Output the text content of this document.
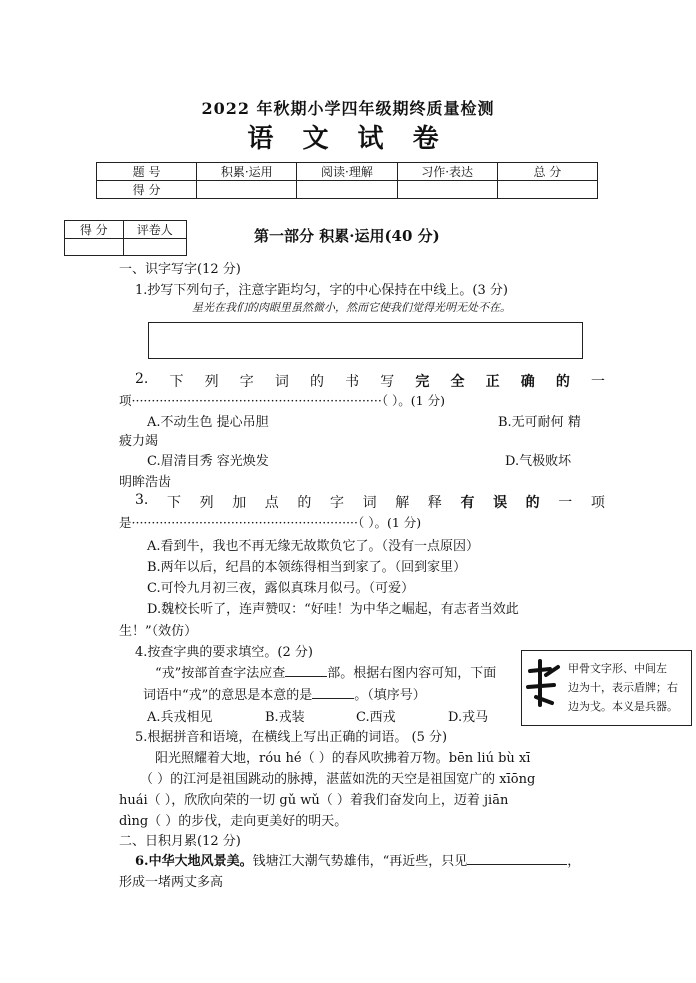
2022 年秋期小学四年级期终质量检测
语 文 试 卷
题 号	积累·运用	阅读·理解	习作·表达	总 分
得 分				
得 分	评卷人
		第一部分 积累·运用(40 分)
一、识字写字(12 分)
1.抄写下列句子，注意字距均匀，字的中心保持在中线上。(3 分)
星光在我们的肉眼里虽然微小，然而它使我们觉得光明无处不在。
2. 下 列 字 词 的 书 写 完 全 正 确 的 一
项·······························································（ ）。(1 分)
A.不动生色 提心吊胆	B.无可耐何 精
疲力竭
C.眉清目秀 容光焕发	D.气极败坏
明眸浩齿
3. 下 列 加 点 的 字 词 解 释 有 误 的 一 项
是·························································（ ）。(1 分)
A.看到牛，我也不再无缘无故欺负它了。（没有一点原因）
B.两年以后，纪昌的本领练得相当到家了。（回到家里）
C.可怜九月初三夜，露似真珠月似弓。（可爱）
D.魏校长听了，连声赞叹：“好哇！为中华之崛起，有志者当效此
生！”（效仿）
4.按查字典的要求填空。(2 分)
“戎”按部首查字法应查	部。根据右图内容可知，下面
词语中“戎”的意思是本意的是	。（填序号）
A.兵戎相见	B.戎装	C.西戎	D.戎马
甲骨文字形、中间左
边为十，表示盾牌；右
边为戈。本义是兵器。
5.根据拼音和语境，在横线上写出正确的词语。 (5 分)
阳光照耀着大地，róu hé（ ）的春风吹拂着万物。bēn liú bù xī
（ ）的江河是祖国跳动的脉搏，湛蓝如洗的天空是祖国宽广的 xīōng
huái（ ），欣欣向荣的一切 gǔ wǔ（ ）着我们奋发向上，迈着 jiān
dìng（ ）的步伐，走向更美好的明天。
二、日积月累(12 分)
6.中华大地风景美。钱塘江大潮气势雄伟，“再近些，只见	，
形成一堵两丈多高
